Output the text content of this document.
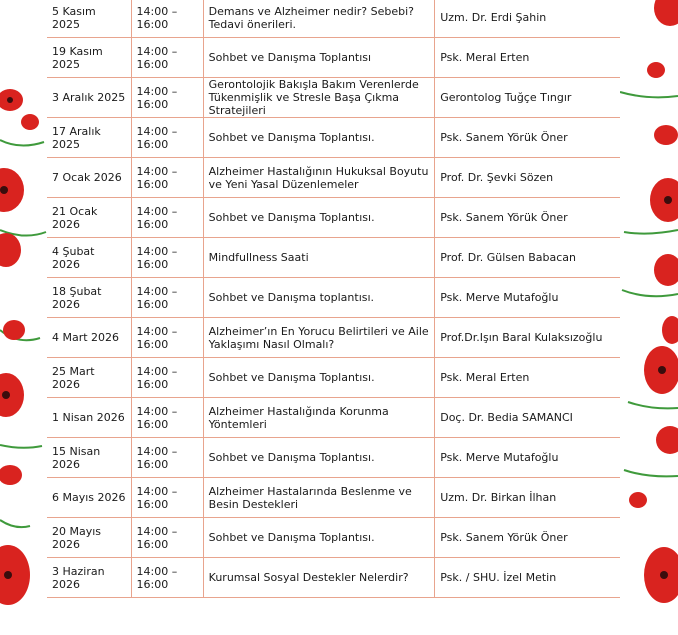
5 Kasım 2025	14:00 – 16:00	Demans ve Alzheimer nedir? Sebebi? Tedavi önerileri.	Uzm. Dr. Erdi Şahin
19 Kasım 2025	14:00 – 16:00	Sohbet ve Danışma Toplantısı	Psk. Meral Erten
3 Aralık 2025	14:00 – 16:00	Gerontolojik Bakışla Bakım Verenlerde Tükenmişlik ve Stresle Başa Çıkma Stratejileri	Gerontolog Tuğçe Tıngır
17 Aralık 2025	14:00 – 16:00	Sohbet ve Danışma Toplantısı.	Psk. Sanem Yörük Öner
7 Ocak 2026	14:00 – 16:00	Alzheimer Hastalığının Hukuksal Boyutu ve Yeni Yasal Düzenlemeler	Prof. Dr. Şevki Sözen
21 Ocak 2026	14:00 – 16:00	Sohbet ve Danışma Toplantısı.	Psk. Sanem Yörük Öner
4 Şubat 2026	14:00 – 16:00	Mindfullness Saati	Prof. Dr. Gülsen Babacan
18 Şubat 2026	14:00 – 16:00	Sohbet ve Danışma toplantısı.	Psk. Merve Mutafoğlu
4 Mart 2026	14:00 – 16:00	Alzheimer’ın En Yorucu Belirtileri ve Aile Yaklaşımı Nasıl Olmalı?	Prof.Dr.Işın Baral Kulaksızoğlu
25 Mart 2026	14:00 – 16:00	Sohbet ve Danışma Toplantısı.	Psk. Meral Erten
1 Nisan 2026	14:00 – 16:00	Alzheimer Hastalığında Korunma Yöntemleri	Doç. Dr. Bedia SAMANCI
15 Nisan 2026	14:00 – 16:00	Sohbet ve Danışma Toplantısı.	Psk. Merve Mutafoğlu
6 Mayıs 2026	14:00 – 16:00	Alzheimer Hastalarında Beslenme ve Besin Destekleri	Uzm. Dr. Birkan İlhan
20 Mayıs 2026	14:00 – 16:00	Sohbet ve Danışma Toplantısı.	Psk. Sanem Yörük Öner
3 Haziran 2026	14:00 – 16:00	Kurumsal Sosyal Destekler Nelerdir?	Psk. / SHU. İzel Metin
